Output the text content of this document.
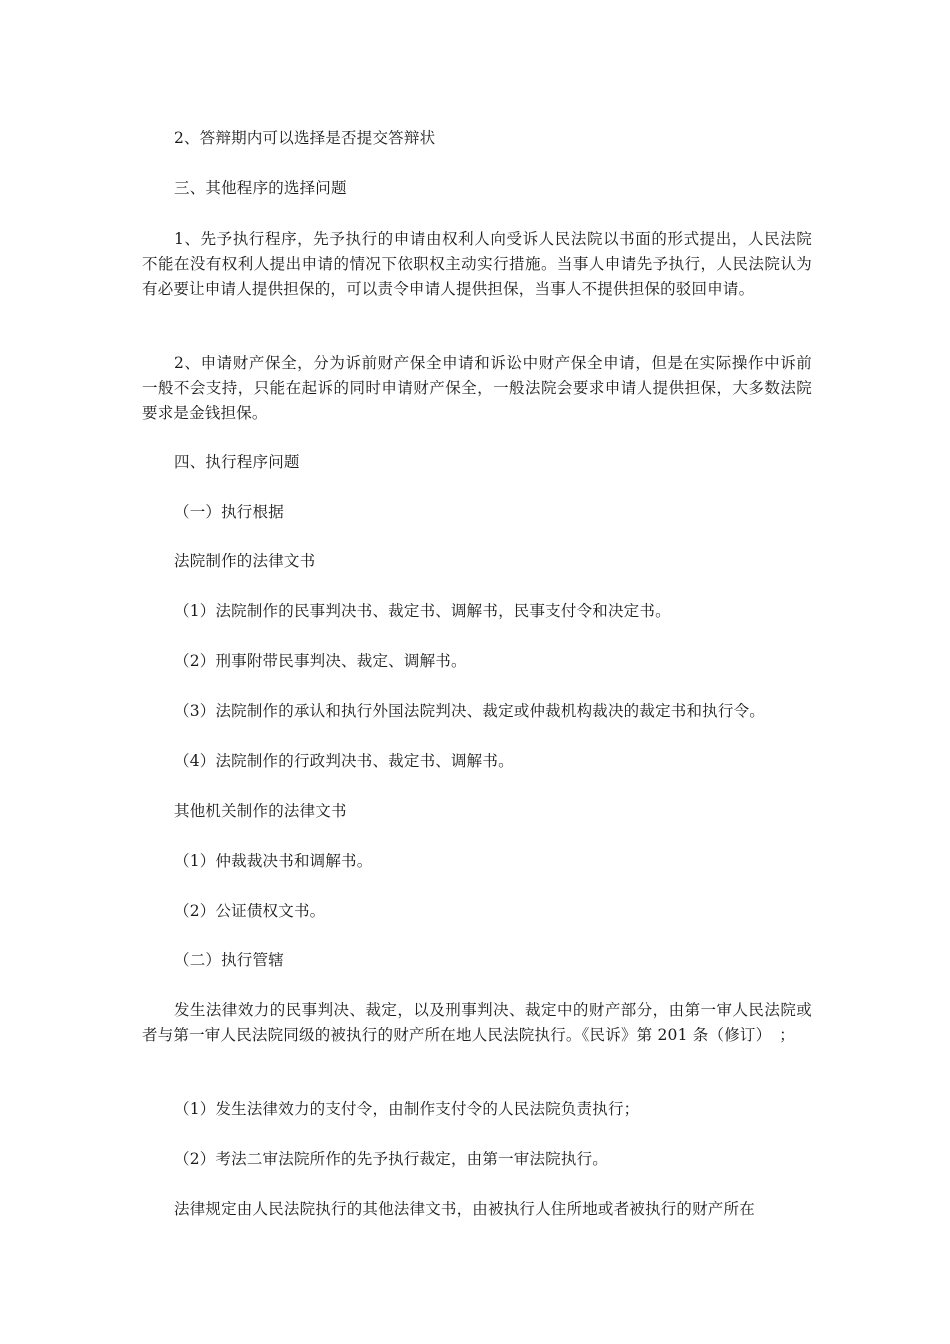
2、答辩期内可以选择是否提交答辩状

三、其他程序的选择问题

1、先予执行程序，先予执行的申请由权利人向受诉人民法院以书面的形式提出，人民法院不能在没有权利人提出申请的情况下依职权主动实行措施。当事人申请先予执行，人民法院认为有必要让申请人提供担保的，可以责令申请人提供担保，当事人不提供担保的驳回申请。

2、申请财产保全，分为诉前财产保全申请和诉讼中财产保全申请，但是在实际操作中诉前一般不会支持，只能在起诉的同时申请财产保全，一般法院会要求申请人提供担保，大多数法院要求是金钱担保。

四、执行程序问题

（一）执行根据

法院制作的法律文书

（1）法院制作的民事判决书、裁定书、调解书，民事支付令和决定书。

（2）刑事附带民事判决、裁定、调解书。

（3）法院制作的承认和执行外国法院判决、裁定或仲裁机构裁决的裁定书和执行令。

（4）法院制作的行政判决书、裁定书、调解书。

其他机关制作的法律文书

（1）仲裁裁决书和调解书。

（2）公证债权文书。

（二）执行管辖

发生法律效力的民事判决、裁定，以及刑事判决、裁定中的财产部分，由第一审人民法院或者与第一审人民法院同级的被执行的财产所在地人民法院执行。《民诉》第 201 条（修订）　；

（1）发生法律效力的支付令，由制作支付令的人民法院负责执行；

（2）考法二审法院所作的先予执行裁定，由第一审法院执行。

法律规定由人民法院执行的其他法律文书，由被执行人住所地或者被执行的财产所在
